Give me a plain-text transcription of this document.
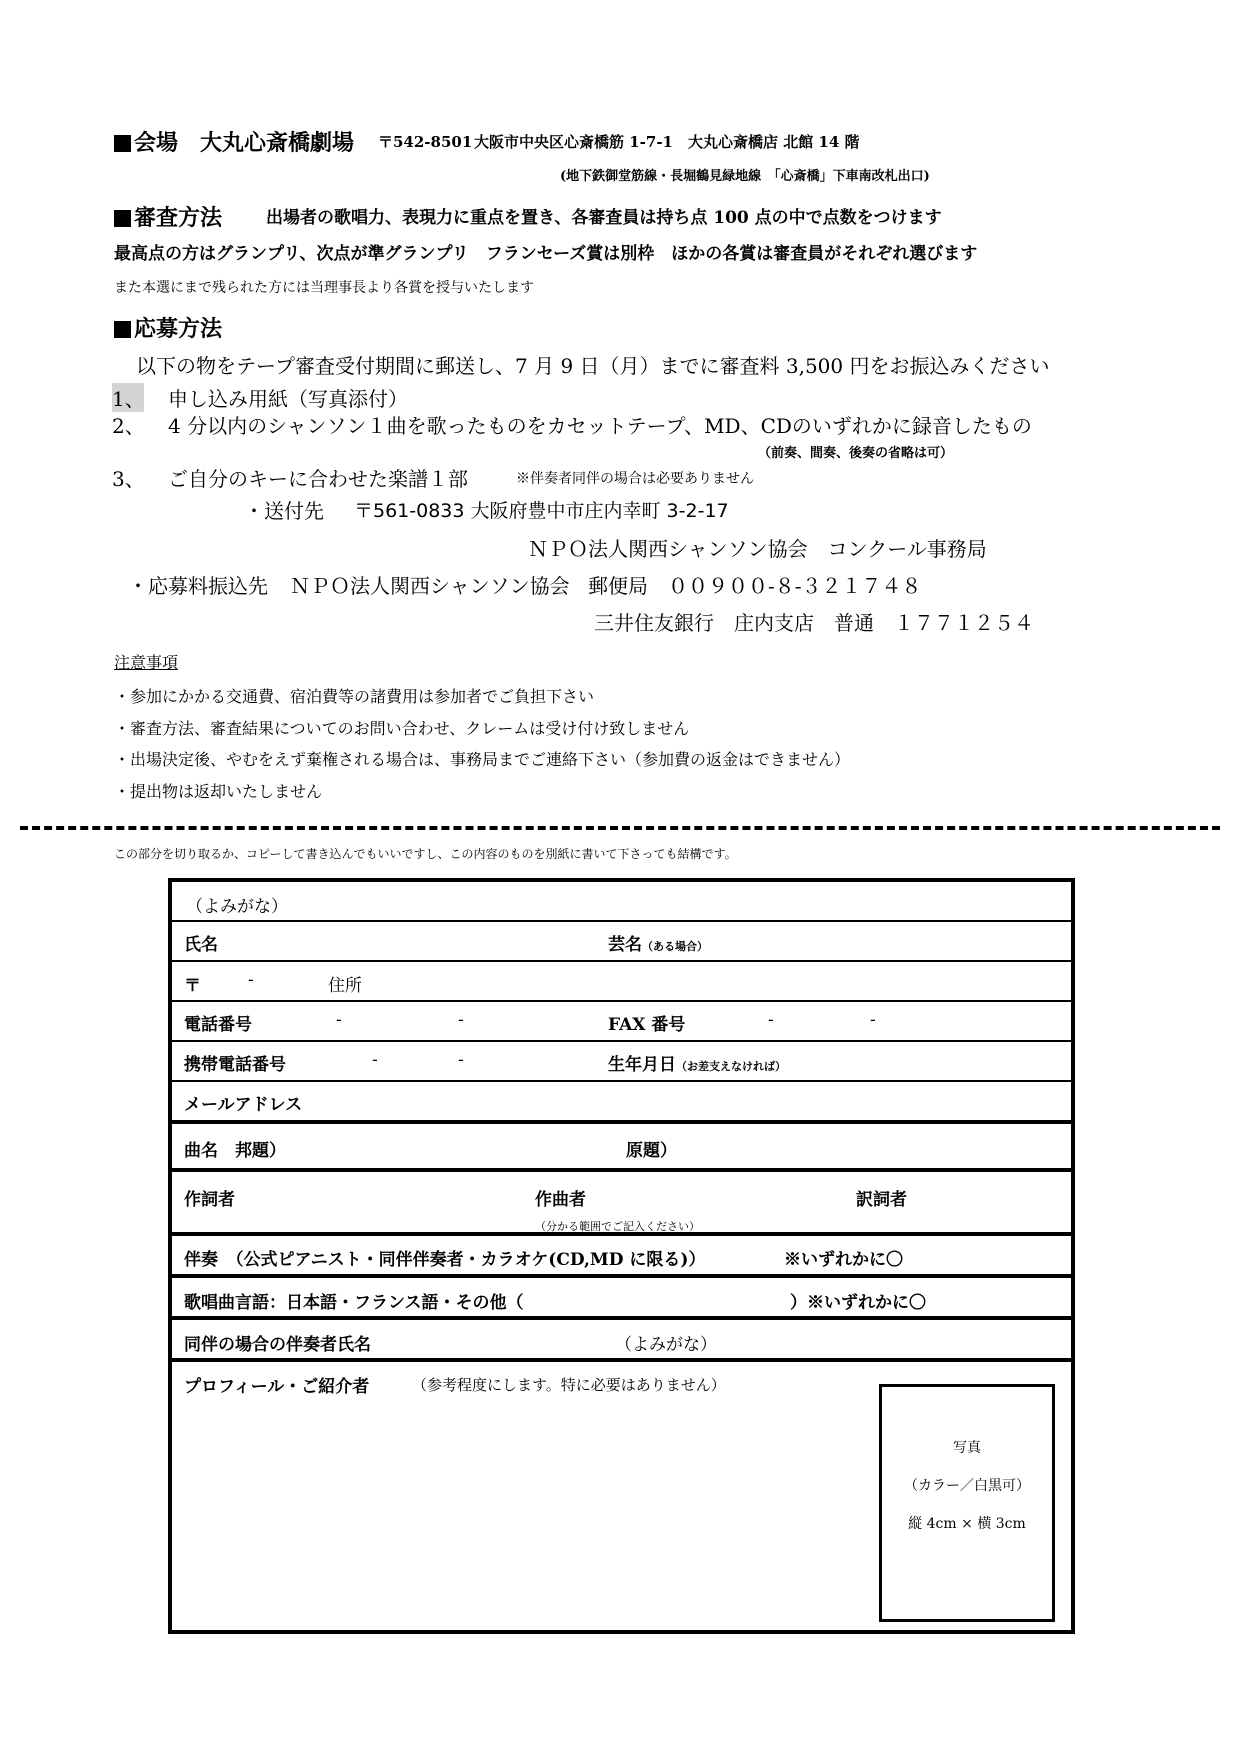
会場　 大丸心斎橋劇場 〒542-8501 大阪市中央区心斎橋筋 1-7-1　大丸心斎橋店 北館 14 階
(地下鉄御堂筋線・長堀鶴見緑地線　「心斎橋」下車南改札出口)
審査方法	出場者の歌唱力、表現力に重点を置き、各審査員は持ち点 100 点の中で点数をつけます
最高点の方はグランプリ、次点が準グランプリ　フランセーズ賞は別枠　ほかの各賞は審査員がそれぞれ選びます
また本選にまで残られた方には当理事長より各賞を授与いたします
応募方法
以下の物をテープ審査受付期間に郵送し、7 月 9 日（月）までに審査料 3,500 円をお振込みください
1、 申し込み用紙（写真添付）
2、 4 分以内のシャンソン１曲を歌ったものをカセットテープ、MD、CDのいずれかに録音したもの
（前奏、間奏、後奏の省略は可）
3、 ご自分のキーに合わせた楽譜１部	※伴奏者同伴の場合は必要ありません
・送付先 〒561-0833 大阪府豊中市庄内幸町 3-2-17
ＮＰＯ法人関西シャンソン協会　コンクール事務局
・応募料振込先 ＮＰＯ法人関西シャンソン協会 郵便局　００９００-８-３２１７４８
三井住友銀行　庄内支店　普通　１７７１２５４
注意事項
・参加にかかる交通費、宿泊費等の諸費用は参加者でご負担下さい
・審査方法、審査結果についてのお問い合わせ、クレームは受け付け致しません
・出場決定後、やむをえず棄権される場合は、事務局までご連絡下さい（参加費の返金はできません）
・提出物は返却いたしません
この部分を切り取るか、コピーして書き込んでもいいですし、この内容のものを別紙に書いて下さっても結構です。
（よみがな）
氏名	芸名（ある場合）
〒	-	住所
電話番号	-	-	FAX 番号	-	-
携帯電話番号	-	-	生年月日（お差支えなければ）
メールアドレス
曲名　邦題）	原題）
作詞者	作曲者	訳詞者
（分かる範囲でご記入ください）
伴奏　（公式ピアニスト・同伴伴奏者・カラオケ(CD,MD に限る)）	※いずれかに〇
歌唱曲言語：日本語・フランス語・その他（	）※いずれかに〇
同伴の場合の伴奏者氏名	（よみがな）
プロフィール・ご紹介者	（参考程度にします。特に必要はありません）
写真
（カラー／白黒可）
縦 4cm × 横 3cm
